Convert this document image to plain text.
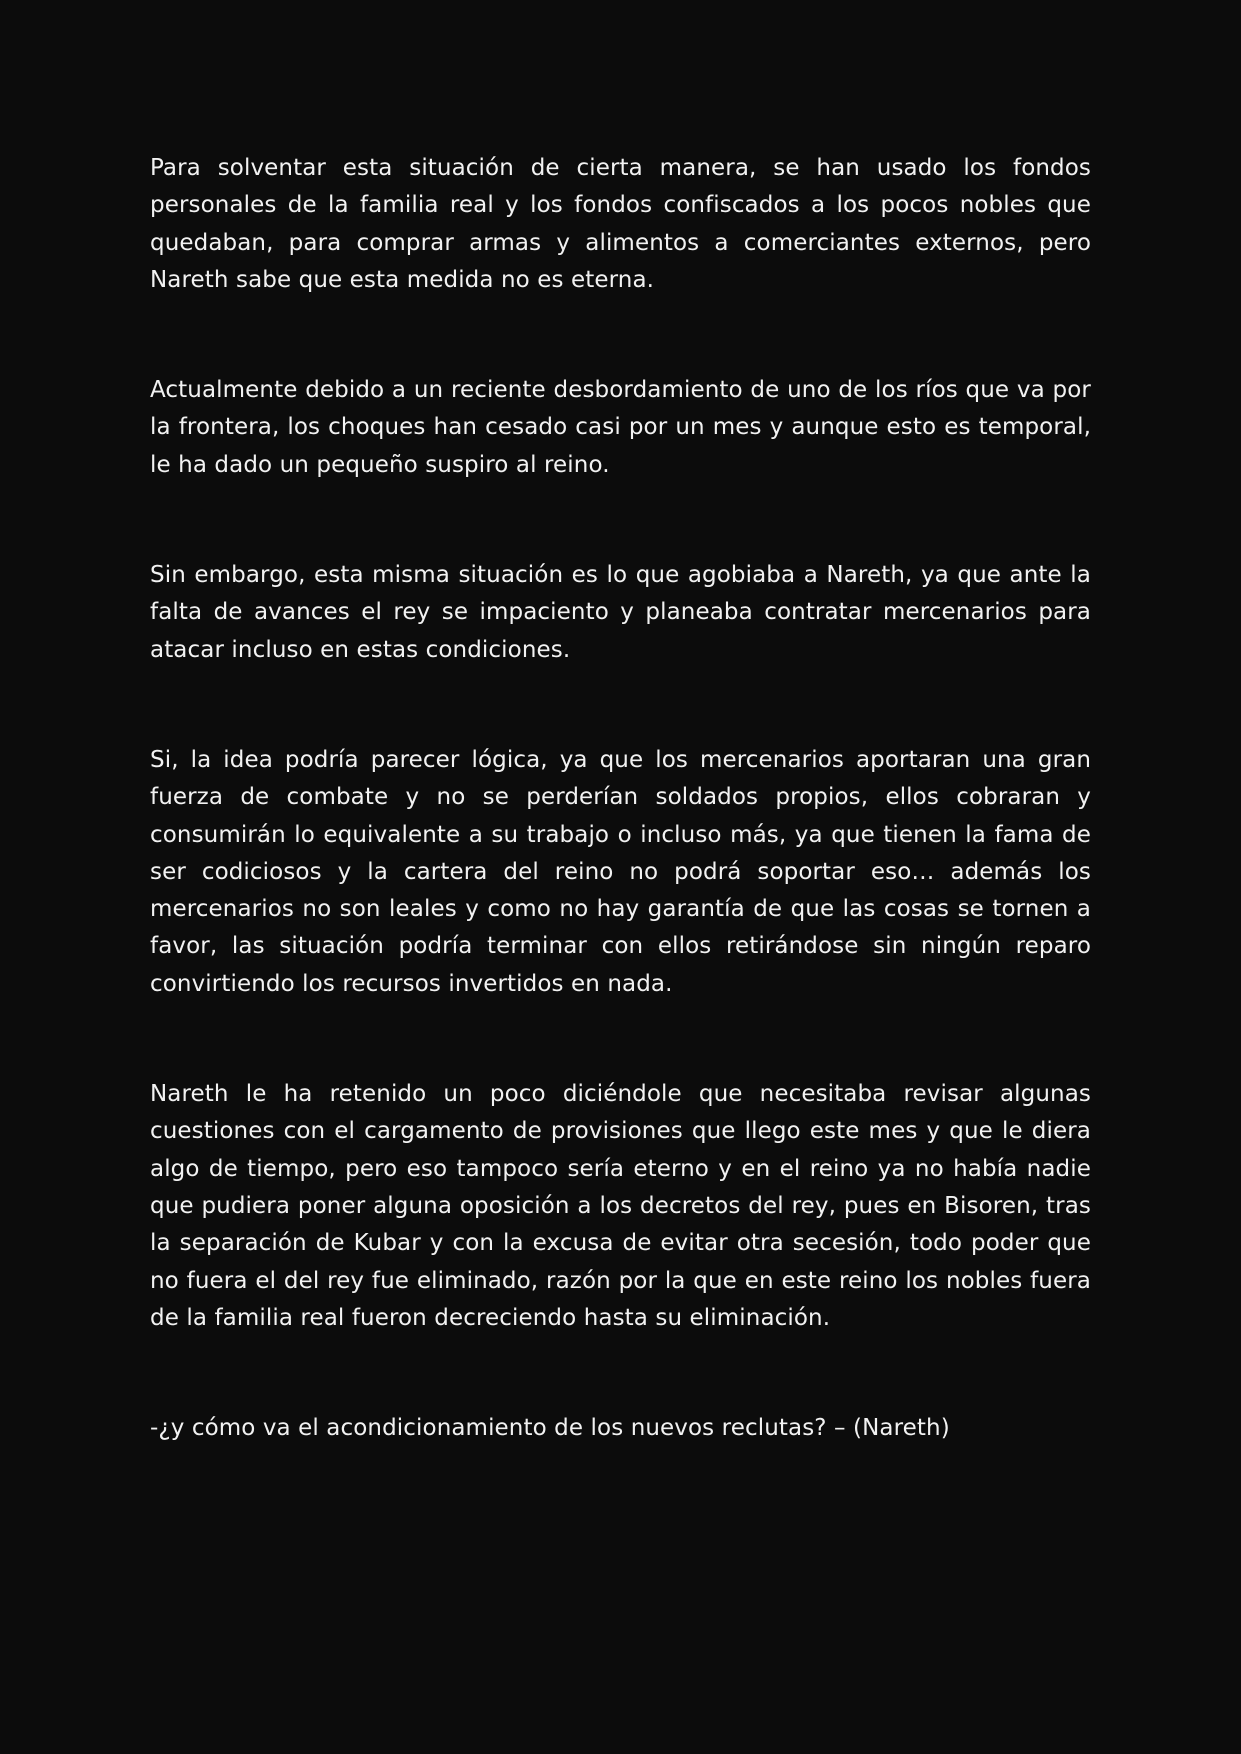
Para solventar esta situación de cierta manera, se han usado los fondos personales de la familia real y los fondos confiscados a los pocos nobles que quedaban, para comprar armas y alimentos a comerciantes externos, pero Nareth sabe que esta medida no es eterna.

Actualmente debido a un reciente desbordamiento de uno de los ríos que va por la frontera, los choques han cesado casi por un mes y aunque esto es temporal, le ha dado un pequeño suspiro al reino.

Sin embargo, esta misma situación es lo que agobiaba a Nareth, ya que ante la falta de avances el rey se impaciento y planeaba contratar mercenarios para atacar incluso en estas condiciones.

Si, la idea podría parecer lógica, ya que los mercenarios aportaran una gran fuerza de combate y no se perderían soldados propios, ellos cobraran y consumirán lo equivalente a su trabajo o incluso más, ya que tienen la fama de ser codiciosos y la cartera del reino no podrá soportar eso… además los mercenarios no son leales y como no hay garantía de que las cosas se tornen a favor, las situación podría terminar con ellos retirándose sin ningún reparo convirtiendo los recursos invertidos en nada.

Nareth le ha retenido un poco diciéndole que necesitaba revisar algunas cuestiones con el cargamento de provisiones que llego este mes y que le diera algo de tiempo, pero eso tampoco sería eterno y en el reino ya no había nadie que pudiera poner alguna oposición a los decretos del rey, pues en Bisoren, tras la separación de Kubar y con la excusa de evitar otra secesión, todo poder que no fuera el del rey fue eliminado, razón por la que en este reino los nobles fuera de la familia real fueron decreciendo hasta su eliminación.

-¿y cómo va el acondicionamiento de los nuevos reclutas? – (Nareth)
